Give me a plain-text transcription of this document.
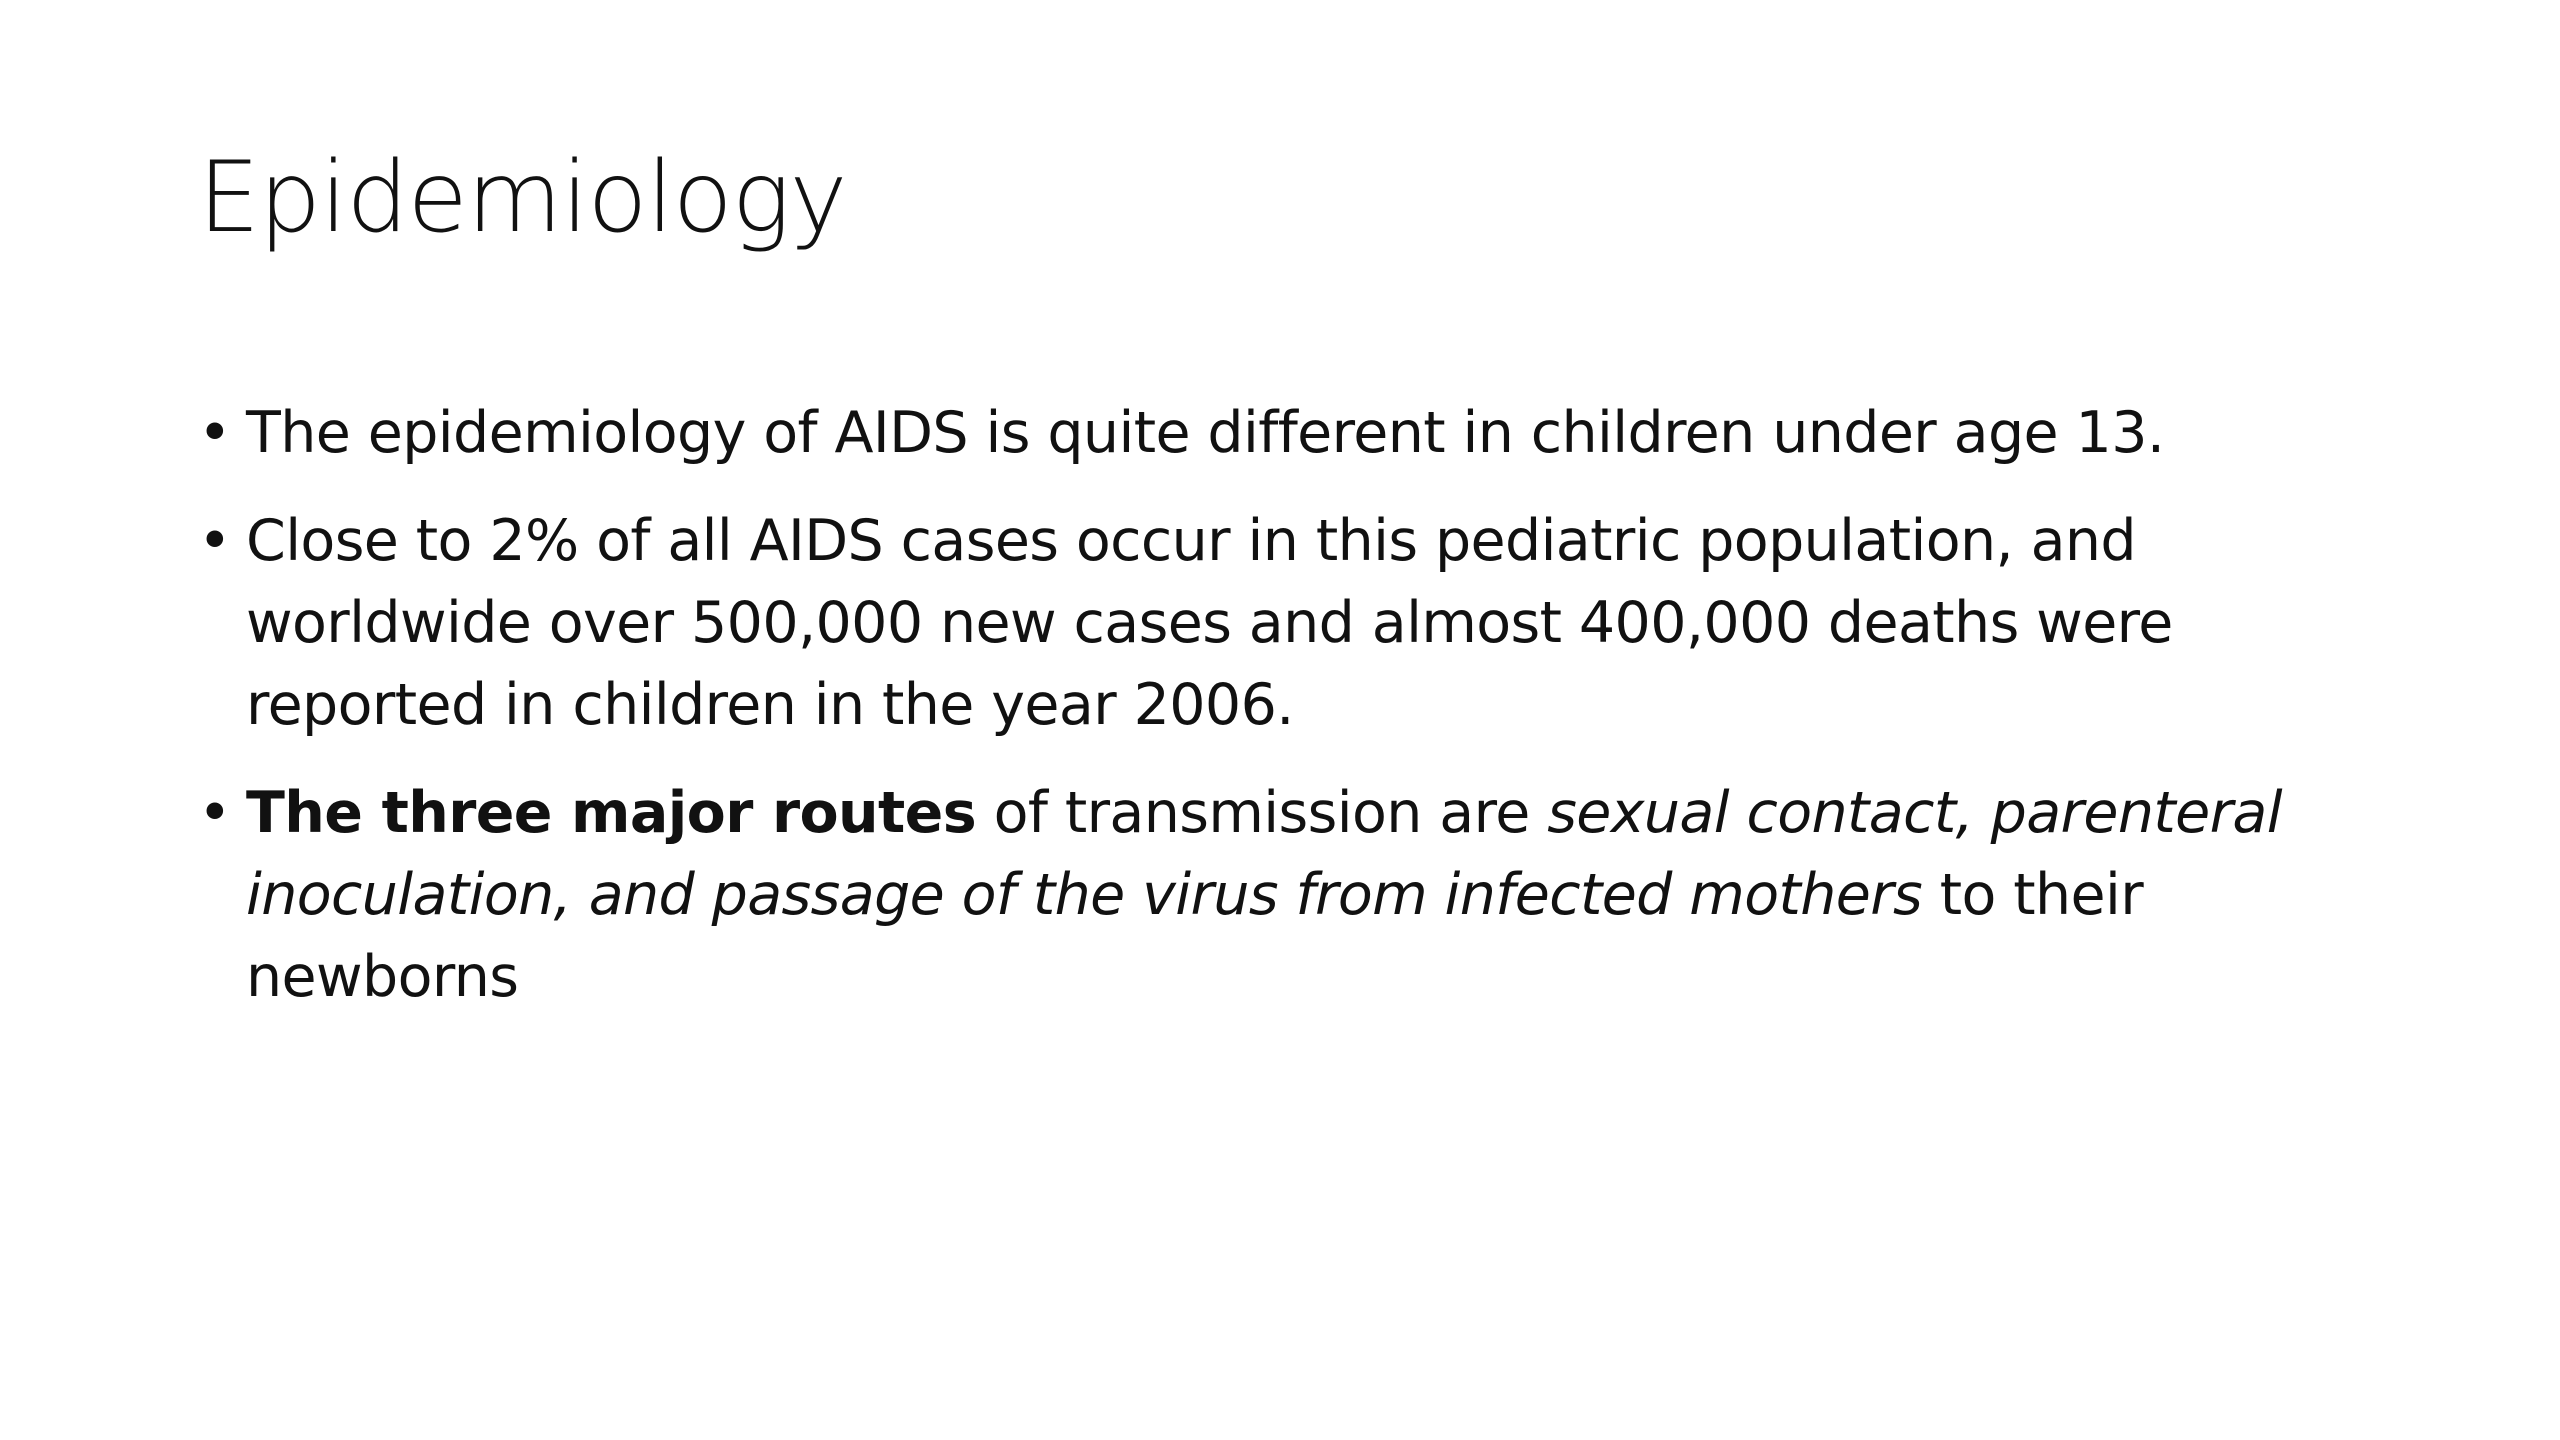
Epidemiology
• The epidemiology of AIDS is quite different in children under age 13.
• Close to 2% of all AIDS cases occur in this pediatric population, and worldwide over 500,000 new cases and almost 400,000 deaths were reported in children in the year 2006.
• The three major routes of transmission are sexual contact, parenteral inoculation, and passage of the virus from infected mothers to their newborns
